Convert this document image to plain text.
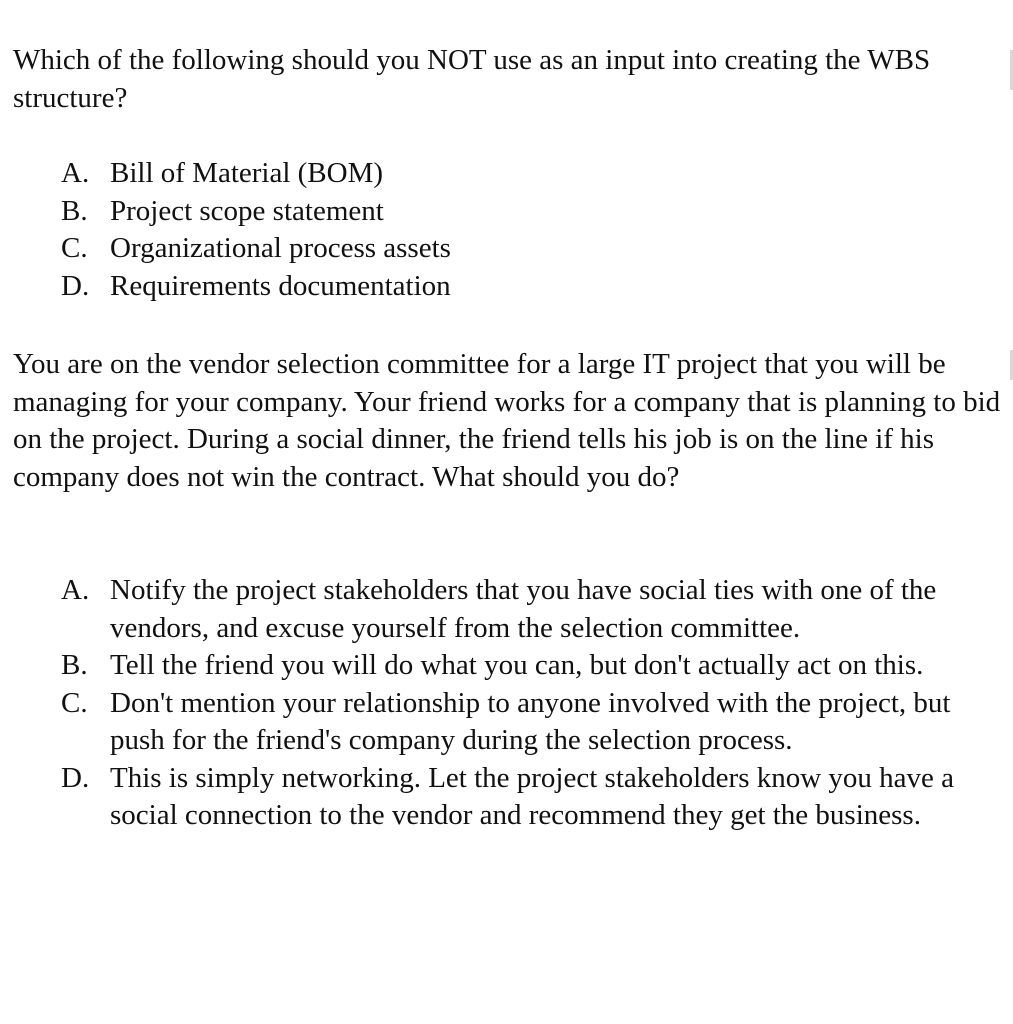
Which of the following should you NOT use as an input into creating the WBS structure?

A. Bill of Material (BOM)
B. Project scope statement
C. Organizational process assets
D. Requirements documentation

You are on the vendor selection committee for a large IT project that you will be managing for your company. Your friend works for a company that is planning to bid on the project. During a social dinner, the friend tells his job is on the line if his company does not win the contract. What should you do?

A. Notify the project stakeholders that you have social ties with one of the vendors, and excuse yourself from the selection committee.
B. Tell the friend you will do what you can, but don't actually act on this.
C. Don't mention your relationship to anyone involved with the project, but push for the friend's company during the selection process.
D. This is simply networking. Let the project stakeholders know you have a social connection to the vendor and recommend they get the business.
